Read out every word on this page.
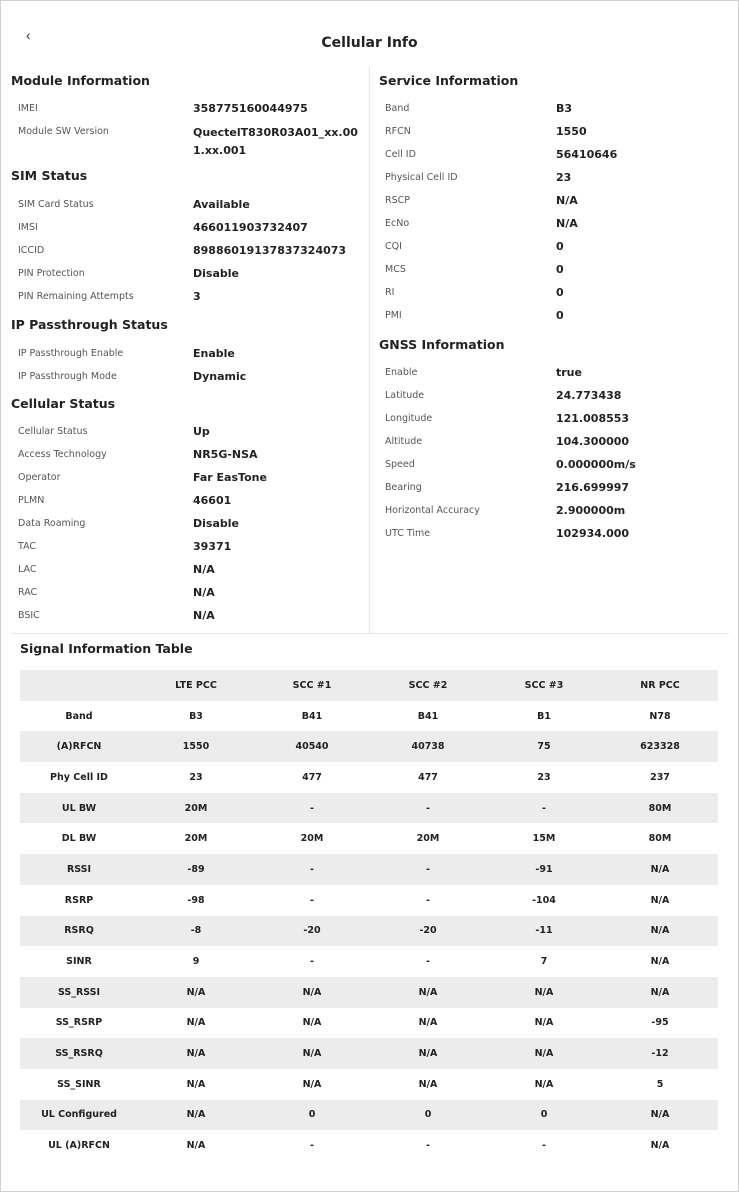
‹	Cellular Info
Module Information
IMEI	358775160044975
Module SW Version	QuectelT830R03A01_xx.001.xx.001
SIM Status
SIM Card Status	Available
IMSI	466011903732407
ICCID	89886019137837324073
PIN Protection	Disable
PIN Remaining Attempts	3
IP Passthrough Status
IP Passthrough Enable	Enable
IP Passthrough Mode	Dynamic
Cellular Status
Cellular Status	Up
Access Technology	NR5G-NSA
Operator	Far EasTone
PLMN	46601
Data Roaming	Disable
TAC	39371
LAC	N/A
RAC	N/A
BSIC	N/A
Service Information
Band	B3
RFCN	1550
Cell ID	56410646
Physical Cell ID	23
RSCP	N/A
EcNo	N/A
CQI	0
MCS	0
RI	0
PMI	0
GNSS Information
Enable	true
Latitude	24.773438
Longitude	121.008553
Altitude	104.300000
Speed	0.000000m/s
Bearing	216.699997
Horizontal Accuracy	2.900000m
UTC Time	102934.000
Signal Information Table
	LTE PCC	SCC #1	SCC #2	SCC #3	NR PCC
Band	B3	B41	B41	B1	N78
(A)RFCN	1550	40540	40738	75	623328
Phy Cell ID	23	477	477	23	237
UL BW	20M	-	-	-	80M
DL BW	20M	20M	20M	15M	80M
RSSI	-89	-	-	-91	N/A
RSRP	-98	-	-	-104	N/A
RSRQ	-8	-20	-20	-11	N/A
SINR	9	-	-	7	N/A
SS_RSSI	N/A	N/A	N/A	N/A	N/A
SS_RSRP	N/A	N/A	N/A	N/A	-95
SS_RSRQ	N/A	N/A	N/A	N/A	-12
SS_SINR	N/A	N/A	N/A	N/A	5
UL Configured	N/A	0	0	0	N/A
UL (A)RFCN	N/A	-	-	-	N/A
